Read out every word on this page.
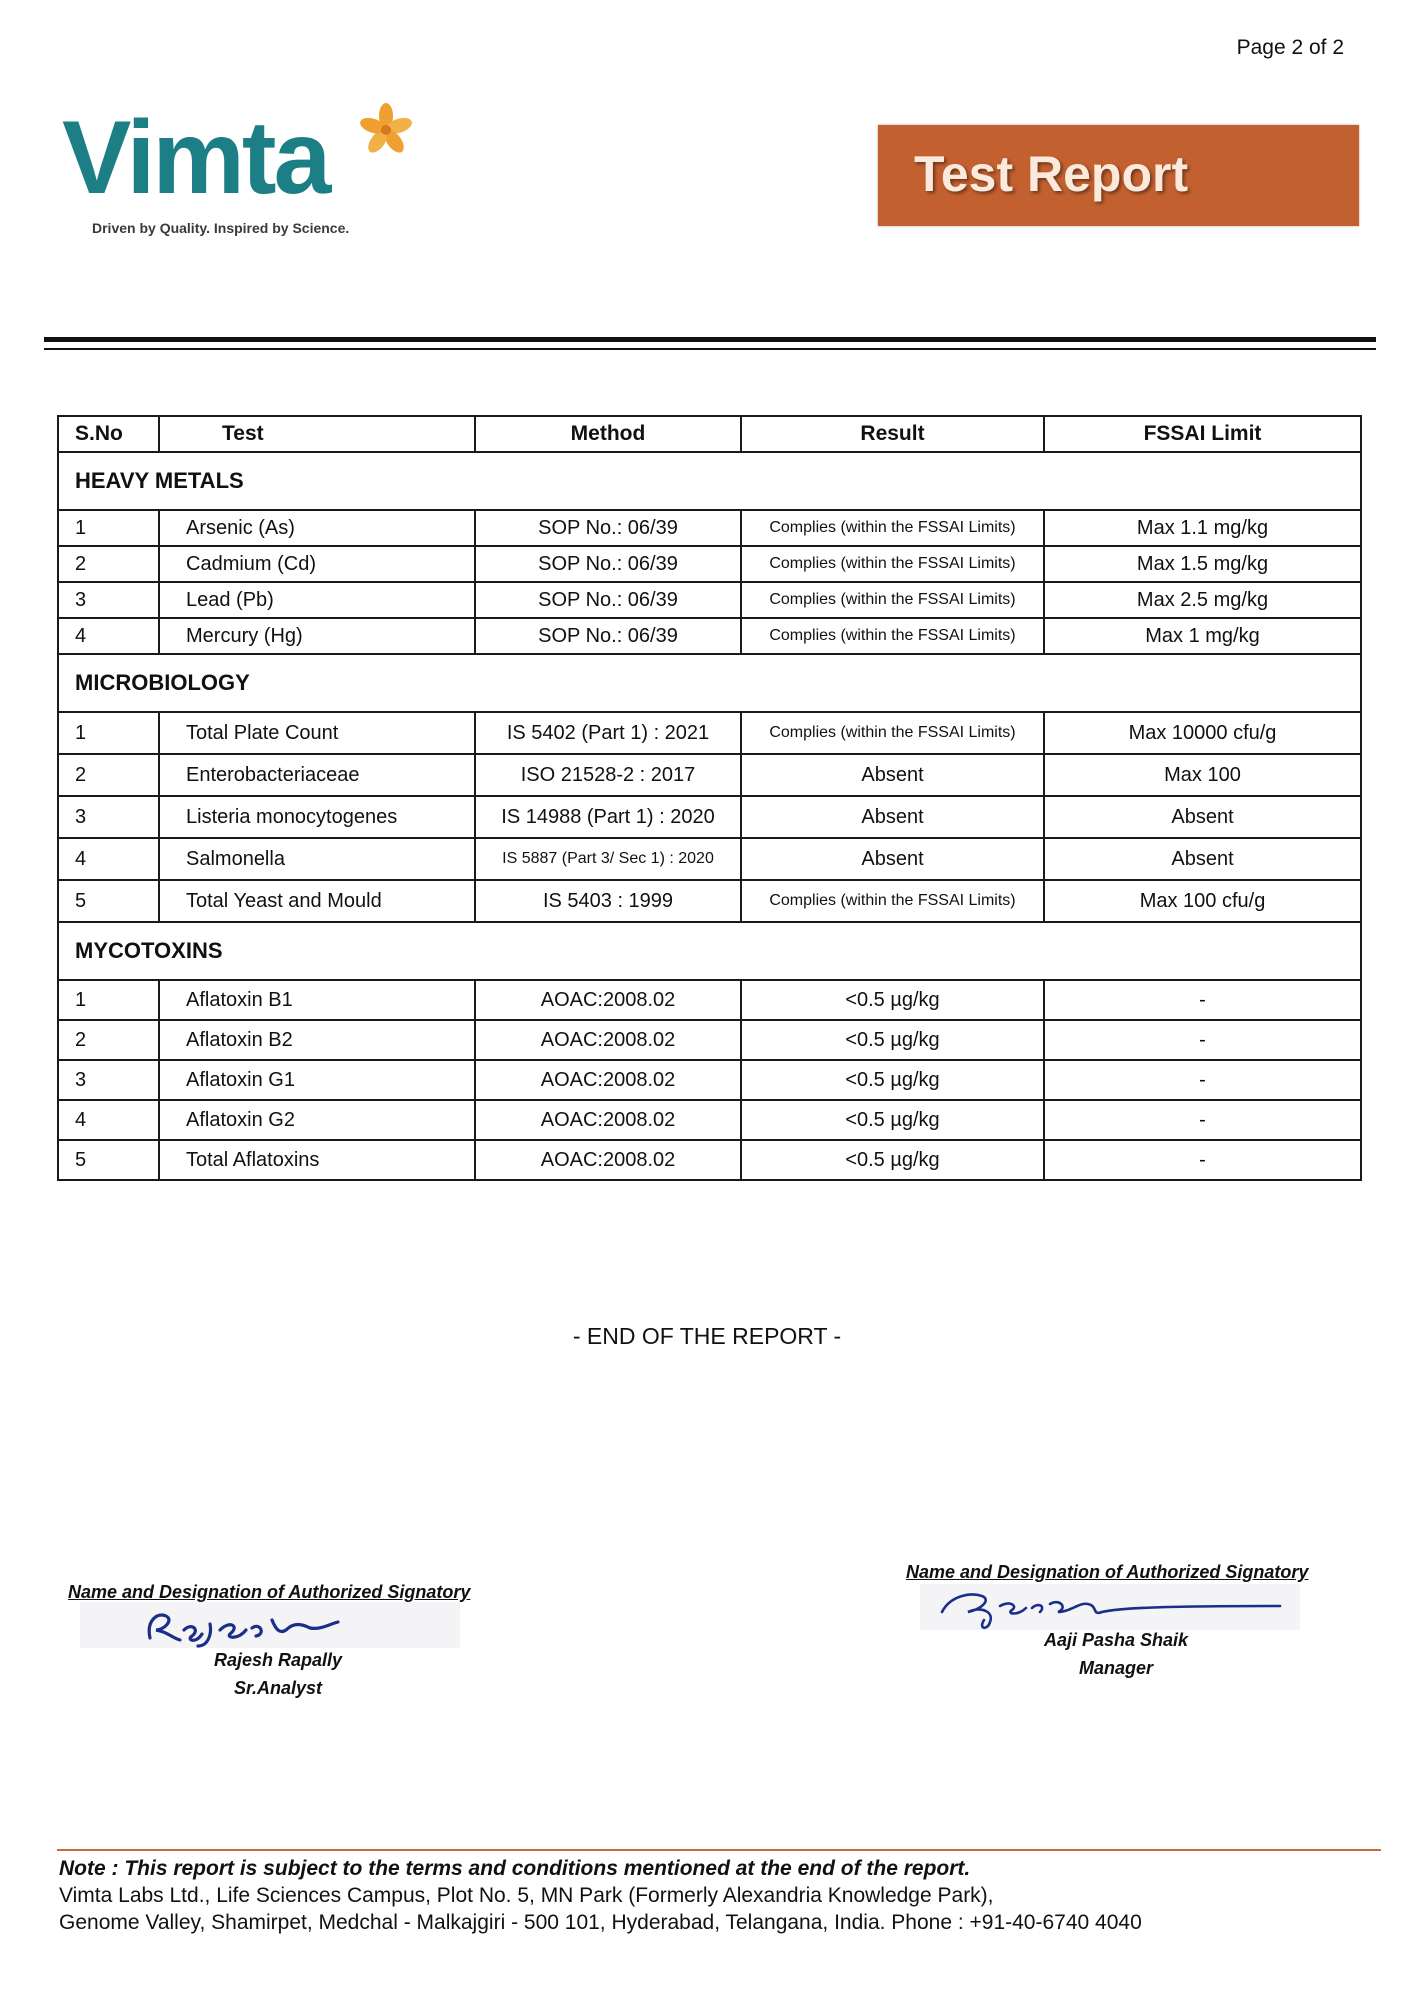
Page 2 of 2
Vimta
Driven by Quality. Inspired by Science.
Test Report
S.No	Test	Method	Result	FSSAI Limit
HEAVY METALS				
1	Arsenic (As)	SOP No.: 06/39	Complies (within the FSSAI Limits)	Max 1.1 mg/kg
2	Cadmium (Cd)	SOP No.: 06/39	Complies (within the FSSAI Limits)	Max 1.5 mg/kg
3	Lead (Pb)	SOP No.: 06/39	Complies (within the FSSAI Limits)	Max 2.5 mg/kg
4	Mercury (Hg)	SOP No.: 06/39	Complies (within the FSSAI Limits)	Max 1 mg/kg
MICROBIOLOGY				
1	Total Plate Count	IS 5402 (Part 1) : 2021	Complies (within the FSSAI Limits)	Max 10000 cfu/g
2	Enterobacteriaceae	ISO 21528-2 : 2017	Absent	Max 100
3	Listeria monocytogenes	IS 14988 (Part 1) : 2020	Absent	Absent
4	Salmonella	IS 5887 (Part 3/ Sec 1) : 2020	Absent	Absent
5	Total Yeast and Mould	IS 5403 : 1999	Complies (within the FSSAI Limits)	Max 100 cfu/g
MYCOTOXINS				
1	Aflatoxin B1	AOAC:2008.02	<0.5 µg/kg	-
2	Aflatoxin B2	AOAC:2008.02	<0.5 µg/kg	-
3	Aflatoxin G1	AOAC:2008.02	<0.5 µg/kg	-
4	Aflatoxin G2	AOAC:2008.02	<0.5 µg/kg	-
5	Total Aflatoxins	AOAC:2008.02	<0.5 µg/kg	-
- END OF THE REPORT -
Name and Designation of Authorized Signatory
Rajesh Rapally
Sr.Analyst
Name and Designation of Authorized Signatory
Aaji Pasha Shaik
Manager
Note : This report is subject to the terms and conditions mentioned at the end of the report.
Vimta Labs Ltd., Life Sciences Campus, Plot No. 5, MN Park (Formerly Alexandria Knowledge Park),
Genome Valley, Shamirpet, Medchal - Malkajgiri - 500 101, Hyderabad, Telangana, India. Phone : +91-40-6740 4040
